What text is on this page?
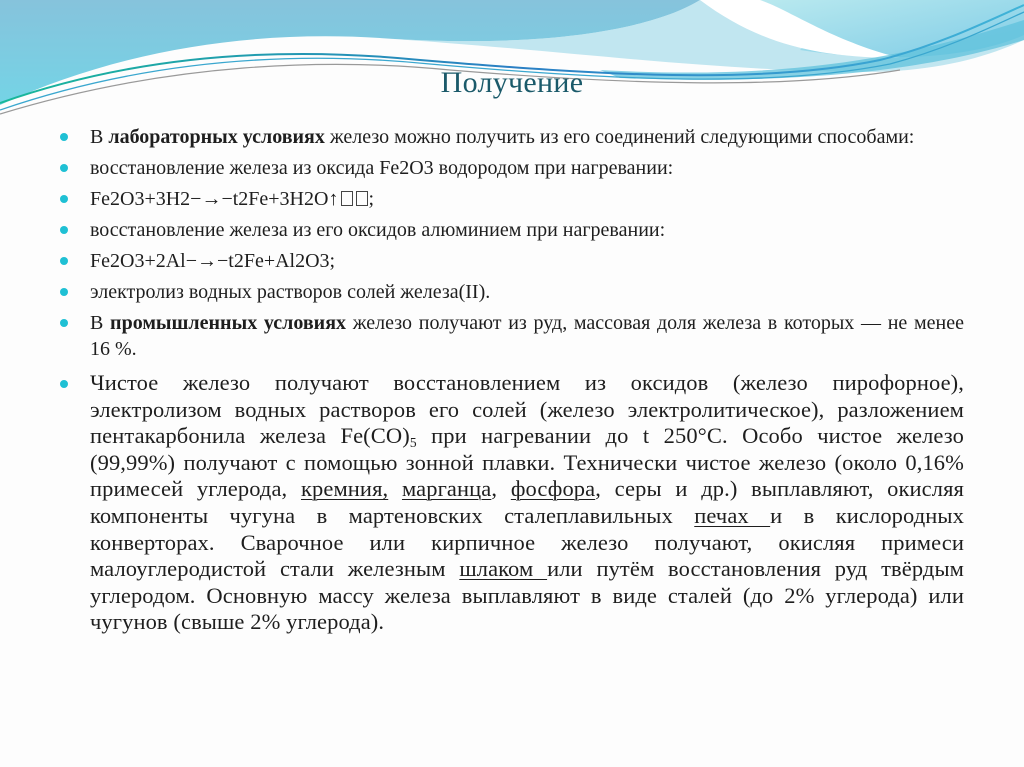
Получение
В лабораторных условиях железо можно получить из его соединений следующими способами:
восстановление железа из оксида Fe2O3 водородом при нагревании:
Fe2O3+3H2−→−t2Fe+3H2O↑ ;
восстановление железа из его оксидов алюминием при нагревании:
Fe2O3+2Al−→−t2Fe+Al2O3;
электролиз водных растворов солей железа(II).
В промышленных условиях железо получают из руд, массовая доля железа в которых — не менее 16 %.
Чистое железо получают восстановлением из оксидов (железо пирофорное), электролизом водных растворов его солей (железо электролитическое), разложением пентакарбонила железа $Fe(CO)_5$ при нагревании до t 250°C. Особо чистое железо (99,99%) получают с помощью зонной плавки. Технически чистое железо (около 0,16% примесей углерода, кремния, марганца, фосфора, серы и др.) выплавляют, окисляя компоненты чугуна в мартеновских сталеплавильных печах и в кислородных конверторах. Сварочное или кирпичное железо получают, окисляя примеси малоуглеродистой стали железным шлаком или путём восстановления руд твёрдым углеродом. Основную массу железа выплавляют в виде сталей (до 2% углерода) или чугунов (свыше 2% углерода).
